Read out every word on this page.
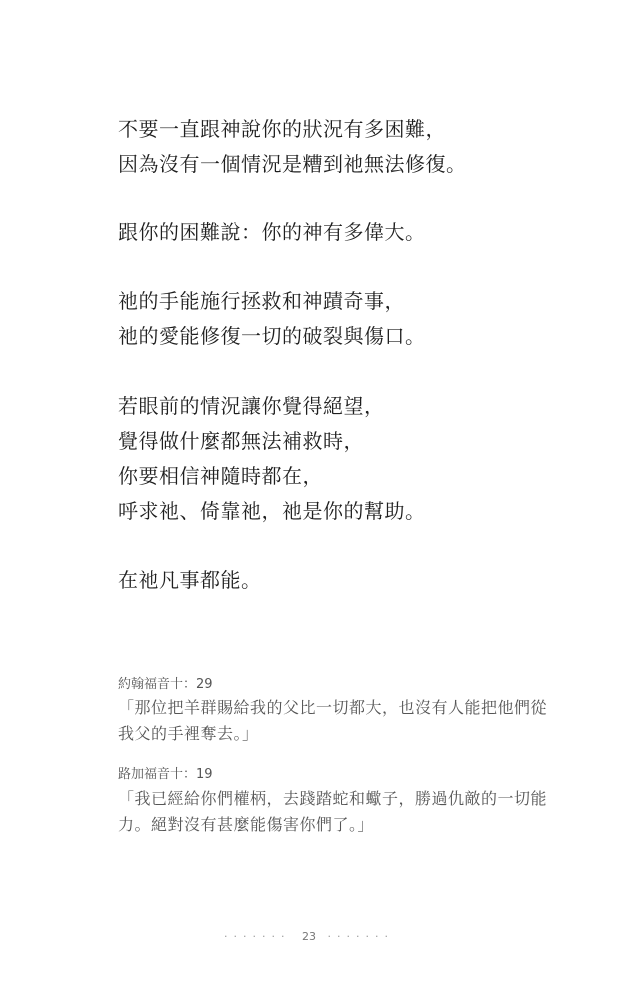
不要一直跟神說你的狀況有多困難，
因為沒有一個情況是糟到祂無法修復。
跟你的困難說：你的神有多偉大。
祂的手能施行拯救和神蹟奇事，
祂的愛能修復一切的破裂與傷口。
若眼前的情況讓你覺得絕望，
覺得做什麼都無法補救時，
你要相信神隨時都在，
呼求祂、倚靠祂，祂是你的幫助。
在祂凡事都能。
約翰福音十：29
「那位把羊群賜給我的父比一切都大，也沒有人能把他們從我父的手裡奪去。」
路加福音十：19
「我已經給你們權柄，去踐踏蛇和蠍子，勝過仇敵的一切能力。絕對沒有甚麼能傷害你們了。」
······· 23 ·······
